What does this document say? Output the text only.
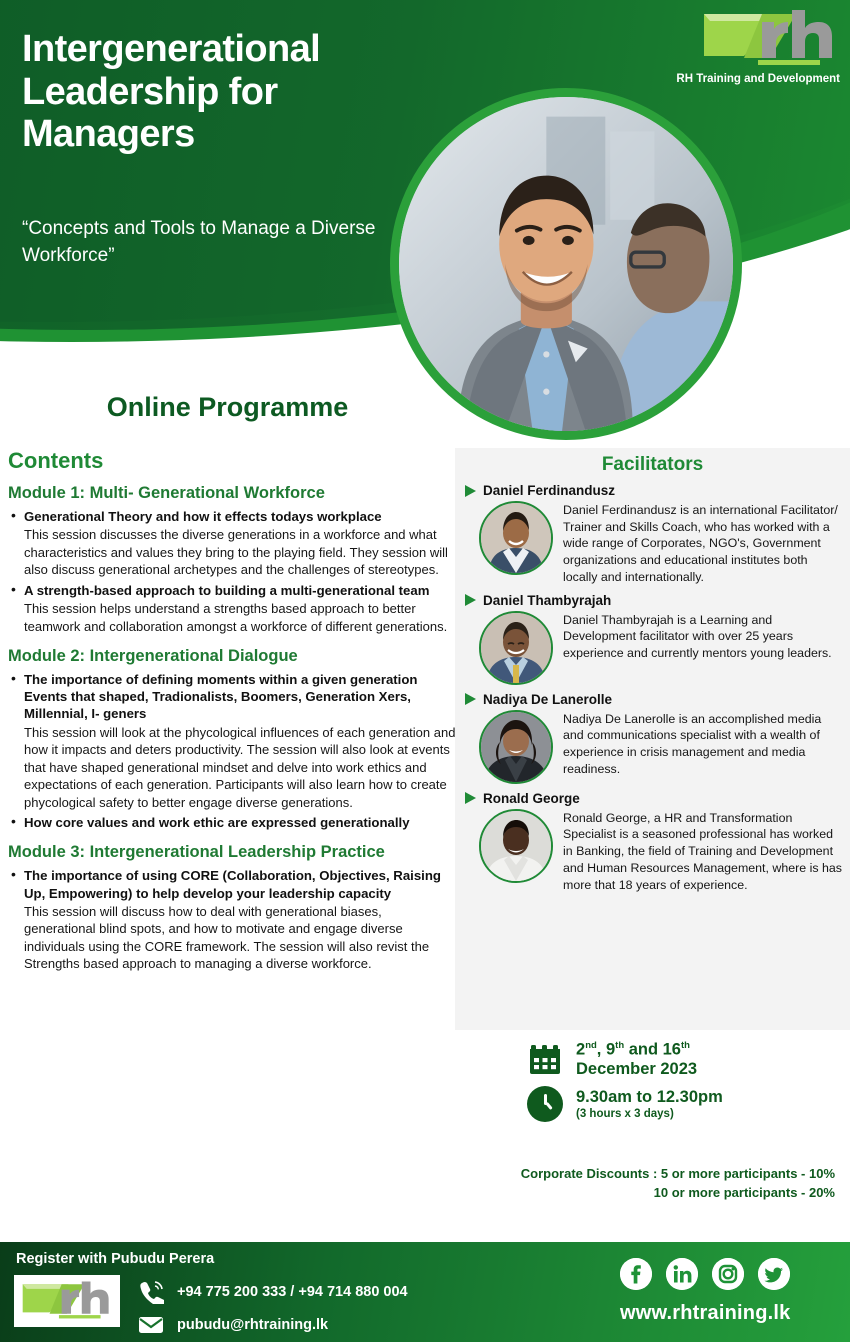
Intergenerational Leadership for Managers
“Concepts and Tools to Manage a Diverse Workforce”
RH Training and Development
Online Programme
Contents
Module 1: Multi- Generational Workforce
• Generational Theory and how it effects todays workplace
This session discusses the diverse generations in a workforce and what characteristics and values they bring to the playing field. They session will also discuss generational archetypes and the challenges of stereotypes.
• A strength-based approach to building a multi-generational team
This session helps understand a strengths based approach to better teamwork and collaboration amongst a workforce of different generations.
Module 2: Intergenerational Dialogue
• The importance of defining moments within a given generation
Events that shaped, Tradionalists, Boomers, Generation Xers, Millennial, I- geners
This session will look at the phycological influences of each generation and how it impacts and deters productivity. The session will also look at events that have shaped generational mindset and delve into work ethics and expectations of each generation. Participants will also learn how to create phycological safety to better engage diverse generations.
• How core values and work ethic are expressed generationally
Module 3: Intergenerational Leadership Practice
• The importance of using CORE (Collaboration, Objectives, Raising Up, Empowering) to help develop your leadership capacity
This session will discuss how to deal with generational biases, generational blind spots, and how to motivate and engage diverse individuals using the CORE framework. The session will also revist the Strengths based approach to managing a diverse workforce.
Facilitators
Daniel Ferdinandusz
Daniel Ferdinandusz is an international Facilitator/ Trainer and Skills Coach, who has worked with a wide range of Corporates, NGO's, Government organizations and educational institutes both locally and internationally.
Daniel Thambyrajah
Daniel Thambyrajah is a Learning and Development facilitator with over 25 years experience and currently mentors young leaders.
Nadiya De Lanerolle
Nadiya De Lanerolle is an accomplished media and communications specialist with a wealth of experience in crisis management and media readiness.
Ronald George
Ronald George, a HR and Transformation Specialist is a seasoned professional has worked in Banking, the field of Training and Development and Human Resources Management, where is has more that 18 years of experience.
2nd, 9th and 16th
December 2023
9.30am to 12.30pm
(3 hours x 3 days)
Corporate Discounts : 5 or more participants - 10%
10 or more participants - 20%
Register with Pubudu Perera
+94 775 200 333 / +94 714 880 004
pubudu@rhtraining.lk
www.rhtraining.lk
